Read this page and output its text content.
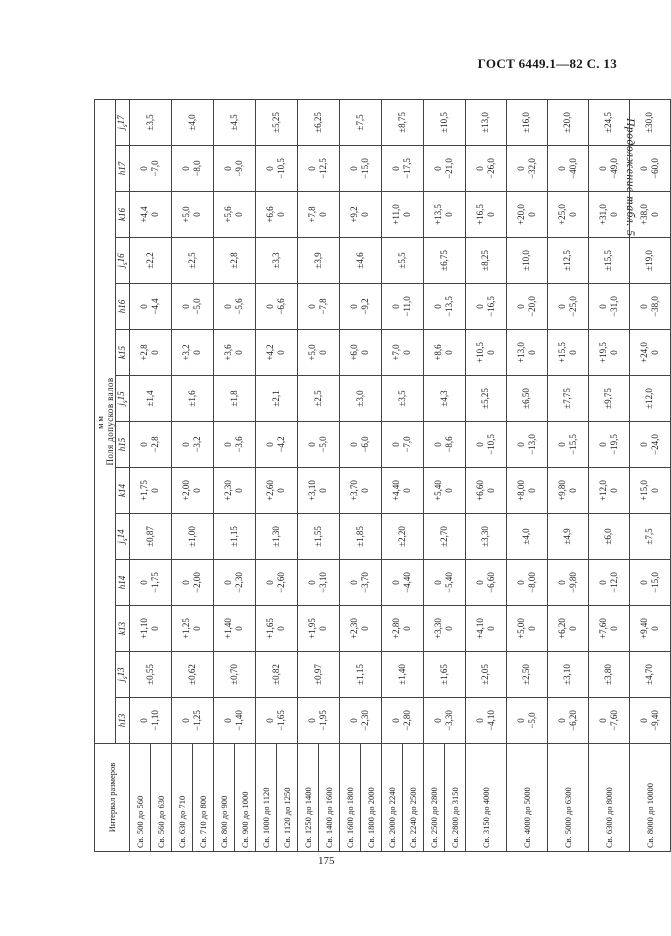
ГОСТ 6449.1—82 С. 13
Продолжение табл. 5
Интервал размеров	мм													
	Поля допусков валов													
	h13	$j_s13$	k13	h14	$j_s14$	k14	h15	$j_s15$	k15	h16	$j_s16$	k16	h17	$j_s17$
Св. 500 до 560	0 −1,10	±0,55	+1,10 0	0 −1,75	±0,87	+1,75 0	0 −2,8	±1,4	+2,8 0	0 −4,4	±2,2	+4,4 0	0 −7,0	±3,5

Св. 560 до 630														
Св. 630 до 710	0 −1,25	±0,62	+1,25 0	0 −2,00	±1,00	+2,00 0	0 −3,2	±1,6	+3,2 0	0 −5,0	±2,5	+5,0 0	0 −8,0	±4,0

Св. 710 до 800														
Св. 800 до 900	0 −1,40	±0,70	+1,40 0	0 −2,30	±1,15	+2,30 0	0 −3,6	±1,8	+3,6 0	0 −5,6	±2,8	+5,6 0	0 −9,0	±4,5

Св. 900 до 1000														
Св. 1000 до 1120	0 −1,65	±0,82	+1,65 0	0 −2,60	±1,30	+2,60 0	0 −4,2	±2,1	+4,2 0	0 −6,6	±3,3	+6,6 0	0 −10,5	±5,25

Св. 1120 до 1250														
Св. 1250 до 1400	0 −1,95	±0,97	+1,95 0	0 −3,10	±1,55	+3,10 0	0 −5,0	±2,5	+5,0 0	0 −7,8	±3,9	+7,8 0	0 −12,5	±6,25

Св. 1400 до 1600														
Св. 1600 до 1800	0 −2,30	±1,15	+2,30 0	0 −3,70	±1,85	+3,70 0	0 −6,0	±3,0	+6,0 0	0 −9,2	±4,6	+9,2 0	0 −15,0	±7,5

Св. 1800 до 2000														
Св. 2000 до 2240	0 −2,80	±1,40	+2,80 0	0 −4,40	±2,20	+4,40 0	0 −7,0	±3,5	+7,0 0	0 −11,0	±5,5	+11,0 0	0 −17,5	±8,75

Св. 2240 до 2500														
Св. 2500 до 2800	0 −3,30	±1,65	+3,30 0	0 −5,40	±2,70	+5,40 0	0 −8,6	±4,3	+8,6 0	0 −13,5	±6,75	+13,5 0	0 −21,0	±10,5

Св. 2800 до 3150														
Св. 3150 до 4000	0 −4,10	±2,05	+4,10 0	0 −6,60	±3,30	+6,60 0	0 −10,5	±5,25	+10,5 0	0 −16,5	±8,25	+16,5 0	0 −26,0	±13,0

Св. 4000 до 5000	0 −5,0	±2,50	+5,00 0	0 −8,00	±4,0	+8,00 0	0 −13,0	±6,50	+13,0 0	0 −20,0	±10,0	+20,0 0	0 −32,0	±16,0

Св. 5000 до 6300	0 −6,20	±3,10	+6,20 0	0 −9,80	±4,9	+9,80 0	0 −15,5	±7,75	+15,5 0	0 −25,0	±12,5	+25,0 0	0 −40,0	±20,0

Св. 6300 до 8000	0 −7,60	±3,80	+7,60 0	0 −12,0	±6,0	+12,0 0	0 −19,5	±9,75	+19,5 0	0 −31,0	±15,5	+31,0 0	0 −49,0	±24,5

Св. 8000 до 10000	0 −9,40	±4,70	+9,40 0	0 −15,0	±7,5	+15,0 0	0 −24,0	±12,0	+24,0 0	0 −38,0	±19,0	+38,0 0	0 −60,0	±30,0
175
